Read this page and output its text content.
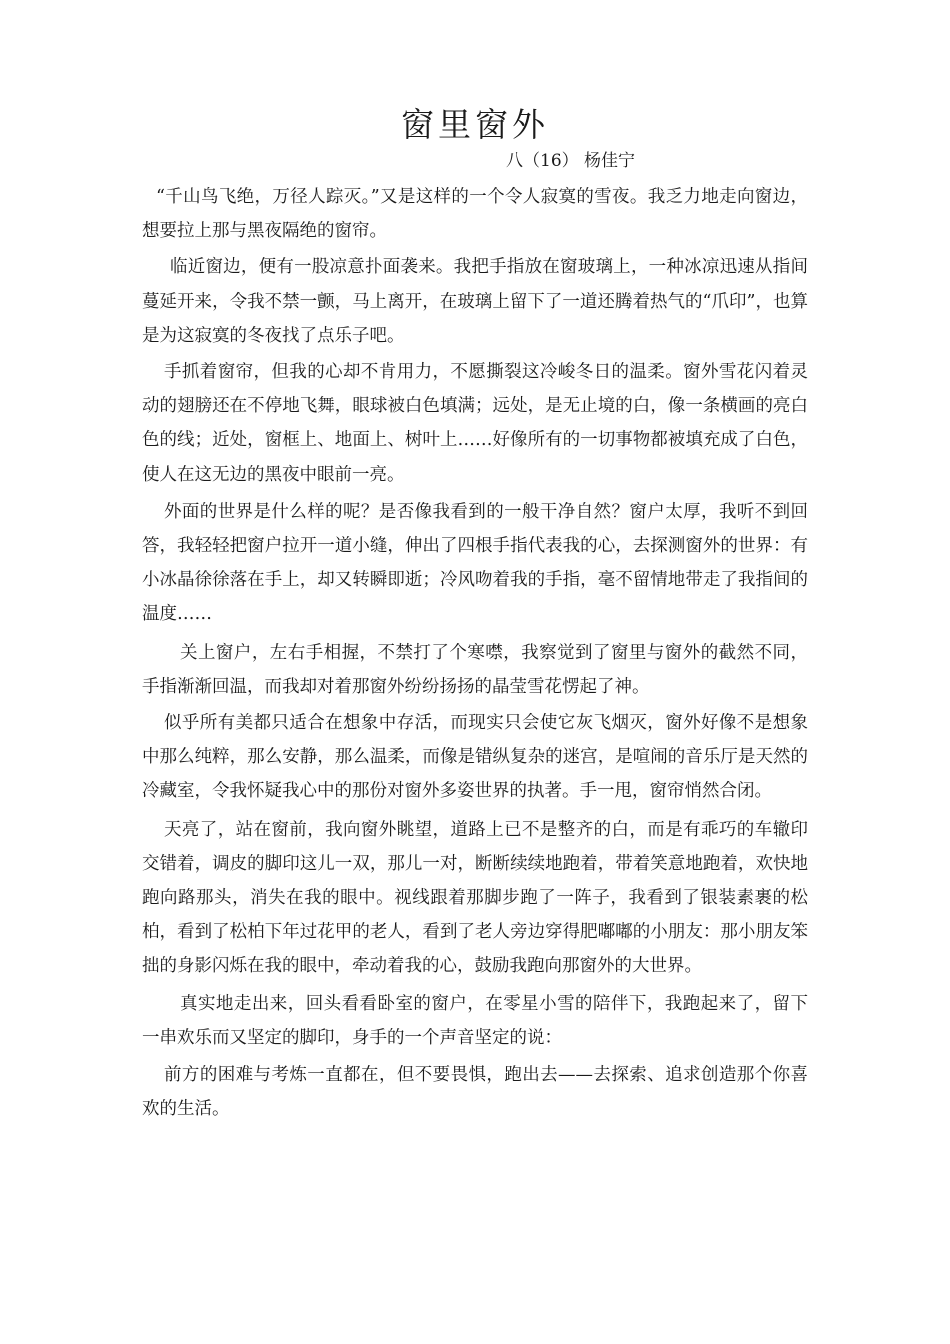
窗里窗外
八（16） 杨佳宁

“千山鸟飞绝，万径人踪灭。”又是这样的一个令人寂寞的雪夜。我乏力地走向窗边，想要拉上那与黑夜隔绝的窗帘。

临近窗边，便有一股凉意扑面袭来。我把手指放在窗玻璃上，一种冰凉迅速从指间蔓延开来，令我不禁一颤，马上离开，在玻璃上留下了一道还腾着热气的“爪印”，也算是为这寂寞的冬夜找了点乐子吧。

手抓着窗帘，但我的心却不肯用力，不愿撕裂这冷峻冬日的温柔。窗外雪花闪着灵动的翅膀还在不停地飞舞，眼球被白色填满；远处，是无止境的白，像一条横画的亮白色的线；近处，窗框上、地面上、树叶上……好像所有的一切事物都被填充成了白色，使人在这无边的黑夜中眼前一亮。

外面的世界是什么样的呢？是否像我看到的一般干净自然？窗户太厚，我听不到回答，我轻轻把窗户拉开一道小缝，伸出了四根手指代表我的心，去探测窗外的世界：有小冰晶徐徐落在手上，却又转瞬即逝；冷风吻着我的手指，毫不留情地带走了我指间的温度……

关上窗户，左右手相握，不禁打了个寒噤，我察觉到了窗里与窗外的截然不同，手指渐渐回温，而我却对着那窗外纷纷扬扬的晶莹雪花愣起了神。

似乎所有美都只适合在想象中存活，而现实只会使它灰飞烟灭，窗外好像不是想象中那么纯粹，那么安静，那么温柔，而像是错纵复杂的迷宫，是喧闹的音乐厅是天然的冷藏室，令我怀疑我心中的那份对窗外多姿世界的执著。手一甩，窗帘悄然合闭。

天亮了，站在窗前，我向窗外眺望，道路上已不是整齐的白，而是有乖巧的车辙印交错着，调皮的脚印这儿一双，那儿一对，断断续续地跑着，带着笑意地跑着，欢快地跑向路那头，消失在我的眼中。视线跟着那脚步跑了一阵子，我看到了银装素裹的松柏，看到了松柏下年过花甲的老人，看到了老人旁边穿得肥嘟嘟的小朋友：那小朋友笨拙的身影闪烁在我的眼中，牵动着我的心，鼓励我跑向那窗外的大世界。

真实地走出来，回头看看卧室的窗户，在零星小雪的陪伴下，我跑起来了，留下一串欢乐而又坚定的脚印，身手的一个声音坚定的说：

前方的困难与考炼一直都在，但不要畏惧，跑出去——去探索、追求创造那个你喜欢的生活。
